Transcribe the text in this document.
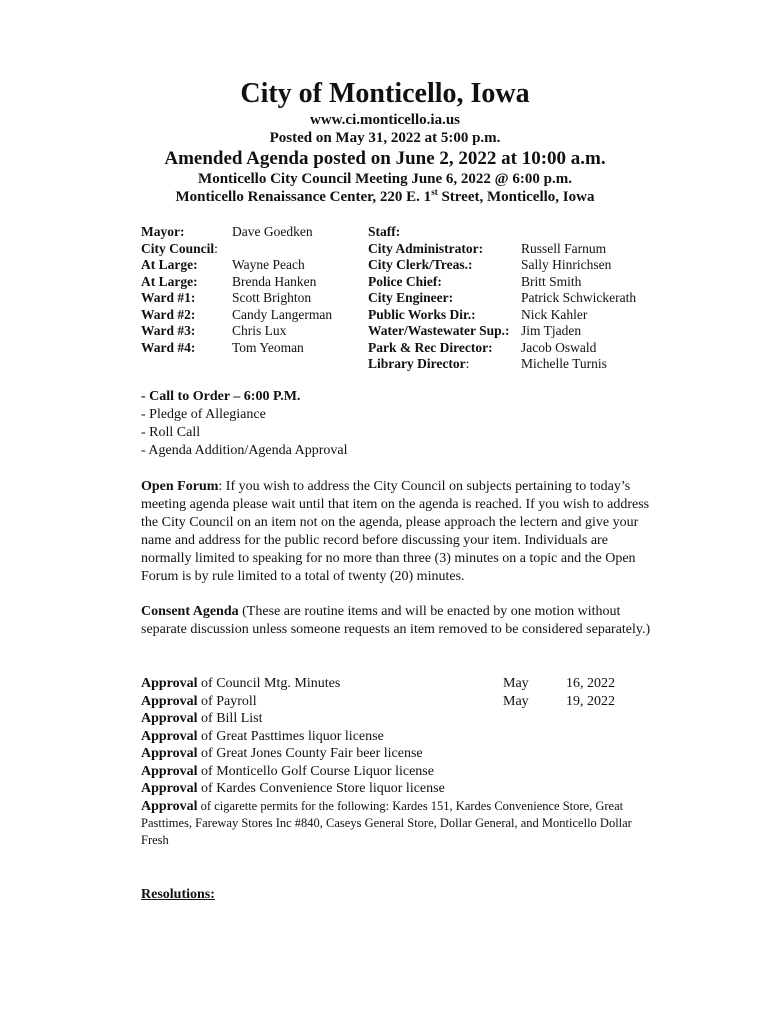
City of Monticello, Iowa
www.ci.monticello.ia.us
Posted on May 31, 2022 at 5:00 p.m.
Amended Agenda posted on June 2, 2022 at 10:00 a.m.
Monticello City Council Meeting June 6, 2022 @ 6:00 p.m.
Monticello Renaissance Center, 220 E. 1st Street, Monticello, Iowa
Mayor:	Dave Goedken
City Council:
At Large:	Wayne Peach
At Large:	Brenda Hanken
Ward #1:	Scott Brighton
Ward #2:	Candy Langerman
Ward #3:	Chris Lux
Ward #4:	Tom Yeoman
Staff:
City Administrator:	Russell Farnum
City Clerk/Treas.:	Sally Hinrichsen
Police Chief:	Britt Smith
City Engineer:	Patrick Schwickerath
Public Works Dir.:	Nick Kahler
Water/Wastewater Sup.: Jim Tjaden
Park & Rec Director: Jacob Oswald
Library Director:	Michelle Turnis
- Call to Order – 6:00 P.M.
- Pledge of Allegiance
- Roll Call
- Agenda Addition/Agenda Approval
Open Forum: If you wish to address the City Council on subjects pertaining to today’s meeting agenda please wait until that item on the agenda is reached. If you wish to address the City Council on an item not on the agenda, please approach the lectern and give your name and address for the public record before discussing your item. Individuals are normally limited to speaking for no more than three (3) minutes on a topic and the Open Forum is by rule limited to a total of twenty (20) minutes.
Consent Agenda (These are routine items and will be enacted by one motion without separate discussion unless someone requests an item removed to be considered separately.)
Approval of Council Mtg. Minutes	May	16, 2022
Approval of Payroll	May	19, 2022
Approval of Bill List
Approval of Great Pasttimes liquor license
Approval of Great Jones County Fair beer license
Approval of Monticello Golf Course Liquor license
Approval of Kardes Convenience Store liquor license
Approval of cigarette permits for the following: Kardes 151, Kardes Convenience Store, Great Pasttimes, Fareway Stores Inc #840, Caseys General Store, Dollar General, and Monticello Dollar Fresh
Resolutions:
